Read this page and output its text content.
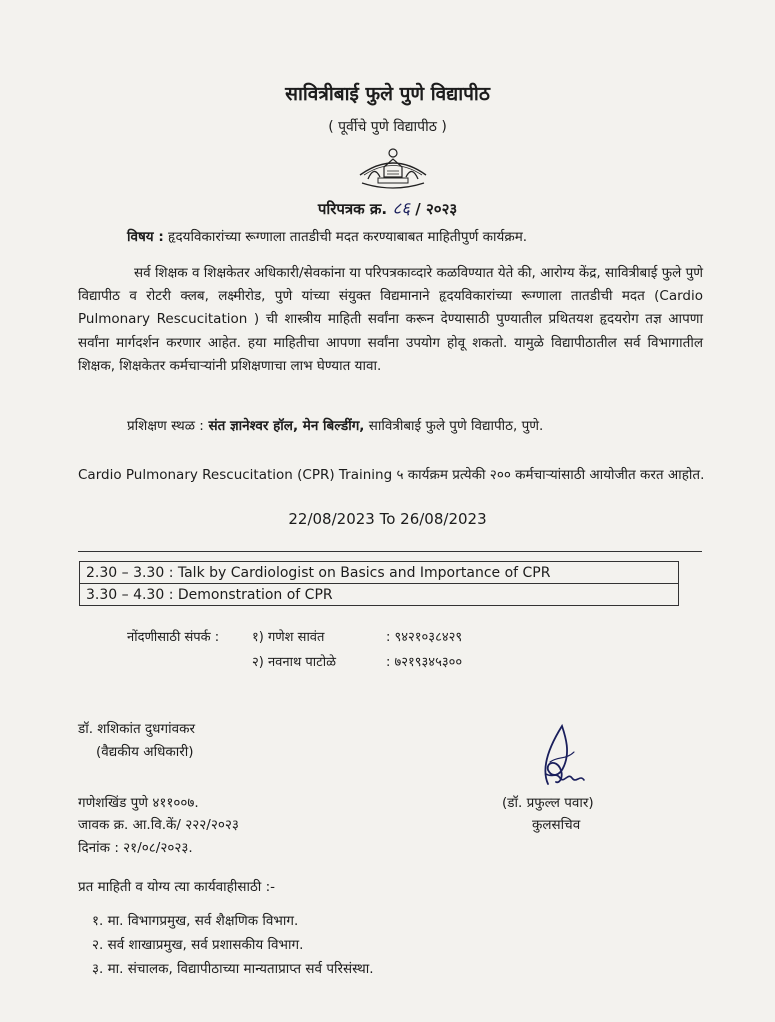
सावित्रीबाई फुले पुणे विद्यापीठ
( पूर्वीचे पुणे विद्यापीठ )
परिपत्रक क्र. ८६ / २०२३
विषय : हृदयविकारांच्या रूग्णाला तातडीची मदत करण्याबाबत माहितीपुर्ण कार्यक्रम.
सर्व शिक्षक व शिक्षकेतर अधिकारी/सेवकांना या परिपत्रकाव्दारे कळविण्यात येते की, आरोग्य केंद्र, सावित्रीबाई फुले पुणे विद्यापीठ व रोटरी क्लब, लक्ष्मीरोड, पुणे यांच्या संयुक्त विद्यमानाने हृदयविकारांच्या रूग्णाला तातडीची मदत (Cardio Pulmonary Rescucitation ) ची शास्त्रीय माहिती सर्वांना करून देण्यासाठी पुण्यातील प्रथितयश हृदयरोग तज्ञ आपणा सर्वांना मार्गदर्शन करणार आहेत. हया माहितीचा आपणा सर्वांना उपयोग होवू शकतो. यामुळे विद्यापीठातील सर्व विभागातील शिक्षक, शिक्षकेतर कर्मचाऱ्यांनी प्रशिक्षणाचा लाभ घेण्यात यावा.
प्रशिक्षण स्थळ : संत ज्ञानेश्वर हॉल, मेन बिल्डींग, सावित्रीबाई फुले पुणे विद्यापीठ, पुणे.
Cardio Pulmonary Rescucitation (CPR) Training ५ कार्यक्रम प्रत्येकी २०० कर्मचाऱ्यांसाठी आयोजीत करत आहोत.
22/08/2023 To 26/08/2023
2.30 – 3.30 : Talk by Cardiologist on Basics and Importance of CPR
3.30 – 4.30 : Demonstration of CPR
नोंदणीसाठी संपर्क :	१) गणेश सावंत	: ९४२१०३८४२९
२) नवनाथ पाटोळे	: ७२१९३४५३००
डॉ. शशिकांत दुधगांवकर
(वैद्यकीय अधिकारी)
गणेशखिंड पुणे ४११००७.
जावक क्र. आ.वि.कें/ २२२/२०२३
दिनांक : २१/०८/२०२३.
(डॉ. प्रफुल्ल पवार)
कुलसचिव
प्रत माहिती व योग्य त्या कार्यवाहीसाठी :-
१. मा. विभागप्रमुख, सर्व शैक्षणिक विभाग.
२. सर्व शाखाप्रमुख, सर्व प्रशासकीय विभाग.
३. मा. संचालक, विद्यापीठाच्या मान्यताप्राप्त सर्व परिसंस्था.
